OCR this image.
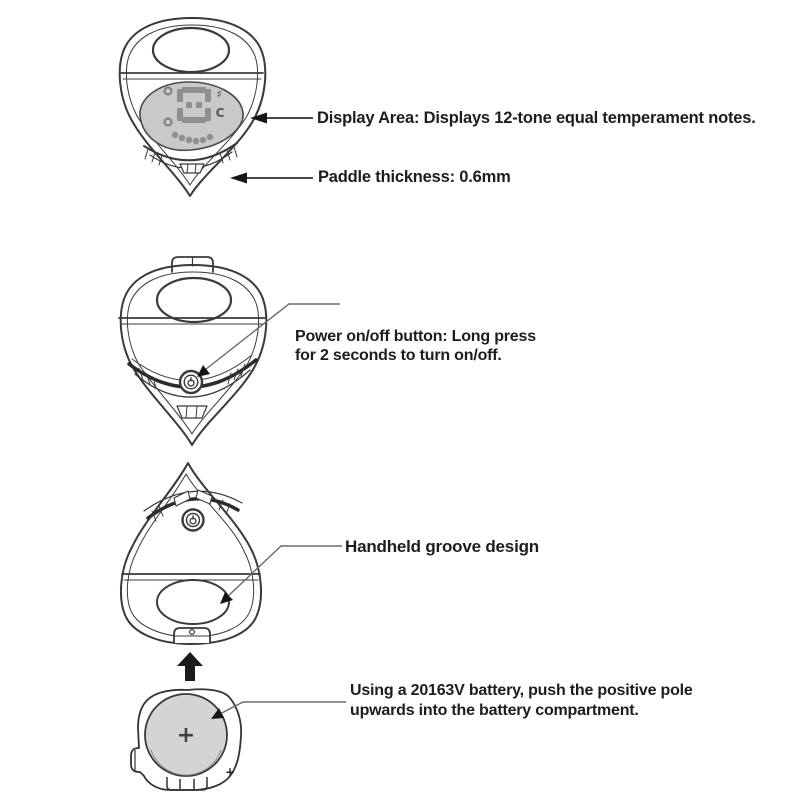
♯
C
+
+
Display Area: Displays 12-tone equal temperament notes.
Paddle thickness: 0.6mm
Power on/off button: Long press
for 2 seconds to turn on/off.
Handheld groove design
Using a 20163V battery, push the positive pole
upwards into the battery compartment.
